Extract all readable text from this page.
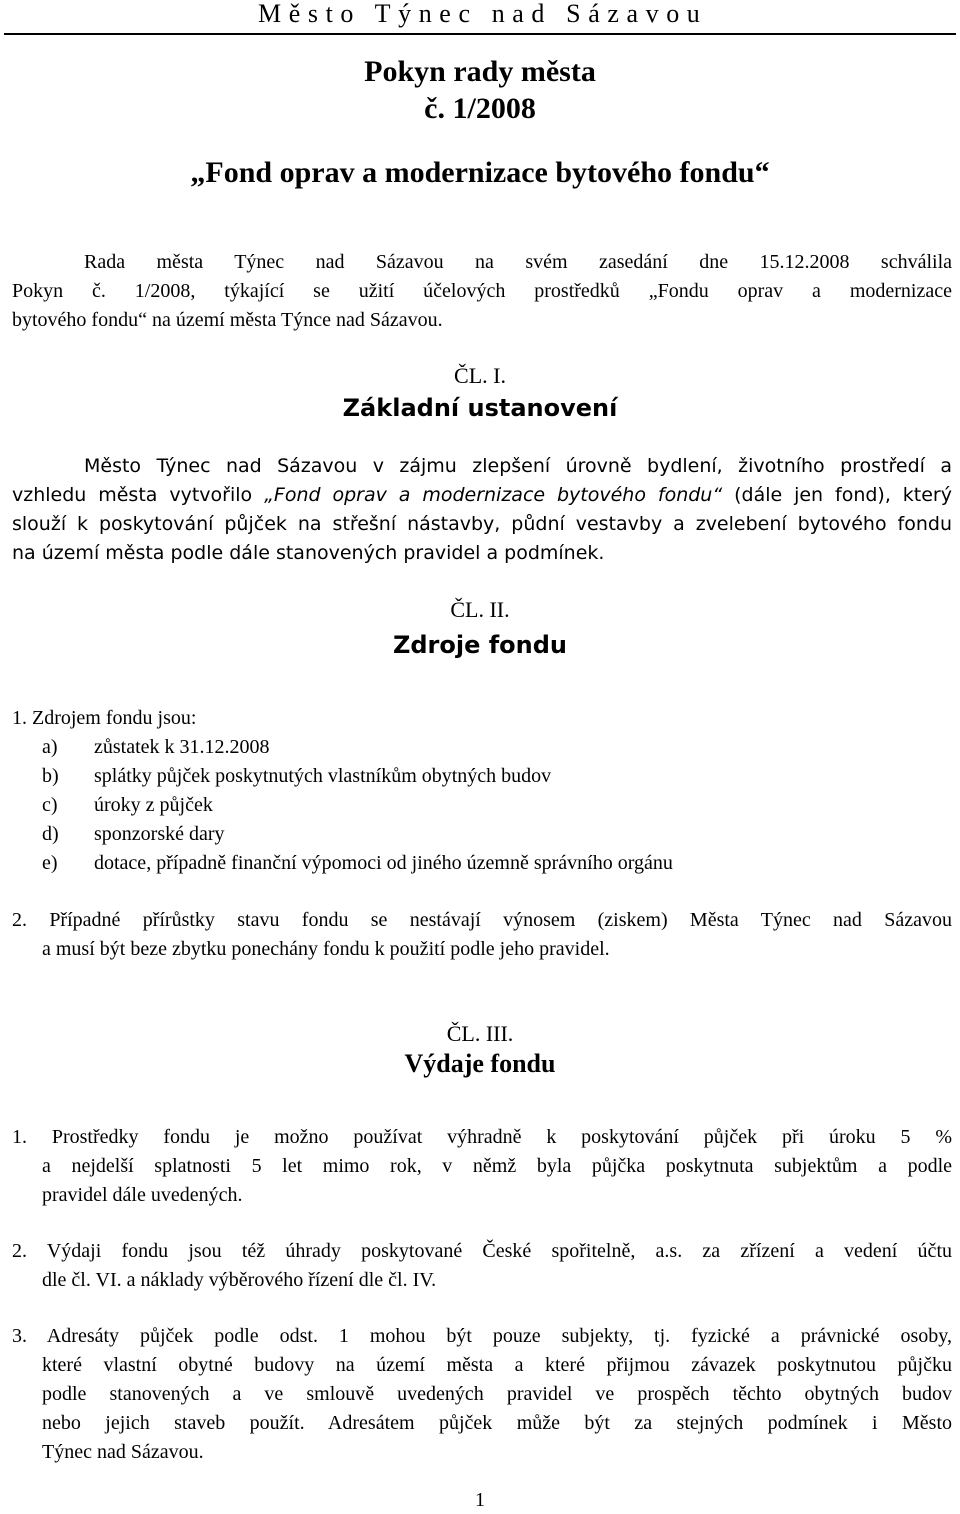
Město Týnec nad Sázavou
Pokyn rady města
č. 1/2008
„Fond oprav a modernizace bytového fondu“
Rada města Týnec nad Sázavou na svém zasedání dne 15.12.2008 schválila
Pokyn č. 1/2008, týkající se užití účelových prostředků „Fondu oprav a modernizace
bytového fondu“ na území města Týnce nad Sázavou.
ČL. I.
Základní ustanovení
Město Týnec nad Sázavou v zájmu zlepšení úrovně bydlení, životního prostředí a
vzhledu města vytvořilo „Fond oprav a modernizace bytového fondu“ (dále jen fond), který
slouží k poskytování půjček na střešní nástavby, půdní vestavby a zvelebení bytového fondu
na území města podle dále stanovených pravidel a podmínek.
ČL. II.
Zdroje fondu
1. Zdrojem fondu jsou:
a) zůstatek k 31.12.2008
b) splátky půjček poskytnutých vlastníkům obytných budov
c) úroky z půjček
d) sponzorské dary
e) dotace, případně finanční výpomoci od jiného územně správního orgánu
2. Případné přírůstky stavu fondu se nestávají výnosem (ziskem) Města Týnec nad Sázavou
a musí být beze zbytku ponechány fondu k použití podle jeho pravidel.
ČL. III.
Výdaje fondu
1. Prostředky fondu je možno používat výhradně k poskytování půjček při úroku 5 %
a nejdelší splatnosti 5 let mimo rok, v němž byla půjčka poskytnuta subjektům a podle
pravidel dále uvedených.
2. Výdaji fondu jsou též úhrady poskytované České spořitelně, a.s. za zřízení a vedení účtu
dle čl. VI. a náklady výběrového řízení dle čl. IV.
3. Adresáty půjček podle odst. 1 mohou být pouze subjekty, tj. fyzické a právnické osoby,
které vlastní obytné budovy na území města a které přijmou závazek poskytnutou půjčku
podle stanovených a ve smlouvě uvedených pravidel ve prospěch těchto obytných budov
nebo jejich staveb použít. Adresátem půjček může být za stejných podmínek i Město
Týnec nad Sázavou.
1
